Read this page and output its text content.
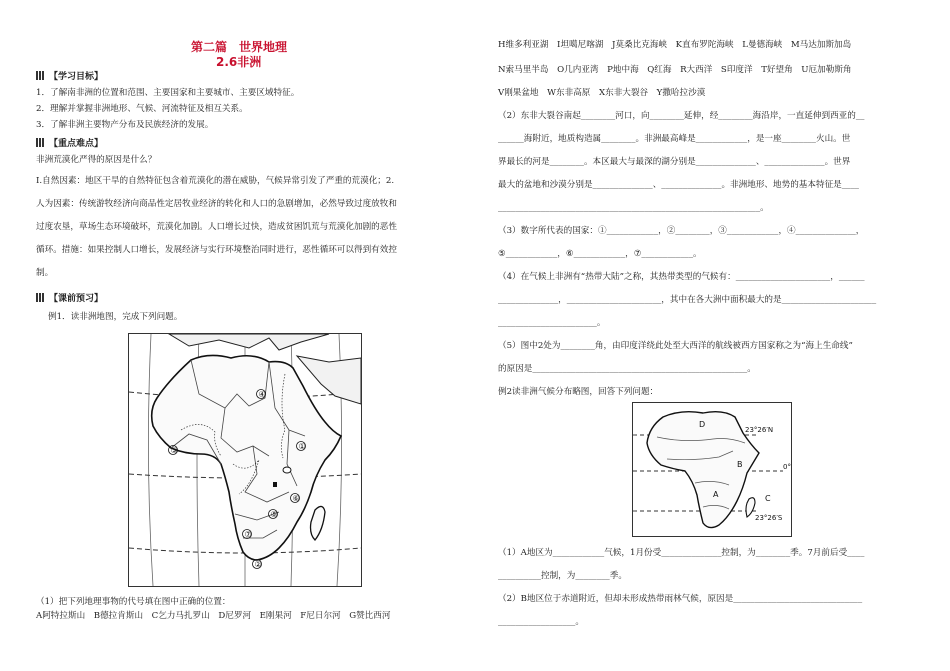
第二篇　世界地理
2.6非洲
【学习目标】
1．了解南非洲的位置和范围、主要国家和主要城市、主要区域特征。
2．理解并掌握非洲地形、气候、河流特征及相互关系。
3．了解非洲主要物产分布及民族经济的发展。
【重点难点】
非洲荒漠化严得的原因是什么？
Ⅰ.自然因素：地区干旱的自然特征包含着荒漠化的潜在威胁，气候异常引发了严重的荒漠化；2.
人为因素：传统游牧经济向商品性定居牧业经济的转化和人口的急剧增加，必然导致过度放牧和
过度农垦，草场生态环境破坏，荒漠化加剧。人口增长过快，造成贫困饥荒与荒漠化加剧的恶性
循环。措施：如果控制人口增长，发展经济与实行环境整治同时进行，恶性循环可以得到有效控
制。
【课前预习】
例1．读非洲地图，完成下列问题。
①
②
③
④
⑤
⑥
⑦
（1）把下列地理事物的代号填在图中正确的位置：
A阿特拉斯山　B德拉肯斯山　C乞力马扎罗山　D尼罗河　E刚果河　F尼日尔河　G赞比西河
H维多利亚湖　I坦噶尼喀湖　J莫桑比克海峡　K直布罗陀海峡　L曼德海峡　M马达加斯加岛
N索马里半岛　O几内亚湾　P地中海　Q红海　R大西洋　S印度洋　T好望角　U厄加勒斯角
V刚果盆地　W东非高原　X东非大裂谷　Y撒哈拉沙漠
（2）东非大裂谷南起________河口，向________延伸，经________海沿岸，一直延伸到西亚的__
______海附近，地质构造属________。非洲最高峰是____________，是一座________火山。世
界最长的河是________。本区最大与最深的湖分别是______________、______________。世界
最大的盆地和沙漠分别是______________、______________。非洲地形、地势的基本特征是____
_____________________________________________________________。
（3）数字所代表的国家：①____________，②________，③____________，④______________，
⑤____________，⑥____________，⑦____________。
（4）在气候上非洲有“热带大陆”之称，其热带类型的气候有：______________________，______
______________，______________________，其中在各大洲中面积最大的是______________________
_______________________。
（5）图中2处为________角，由印度洋绕此处至大西洋的航线被西方国家称之为“海上生命线”
的原因是__________________________________________________。
例2读非洲气候分布略图，回答下列问题：
D
B
A	C
23°26′N
0°
23°26′S
（1）A地区为____________气候，1月份受______________控制，为________季。7月前后受____
__________控制，为________季。
（2）B地区位于赤道附近，但却未形成热带雨林气候，原因是______________________________
__________________。
